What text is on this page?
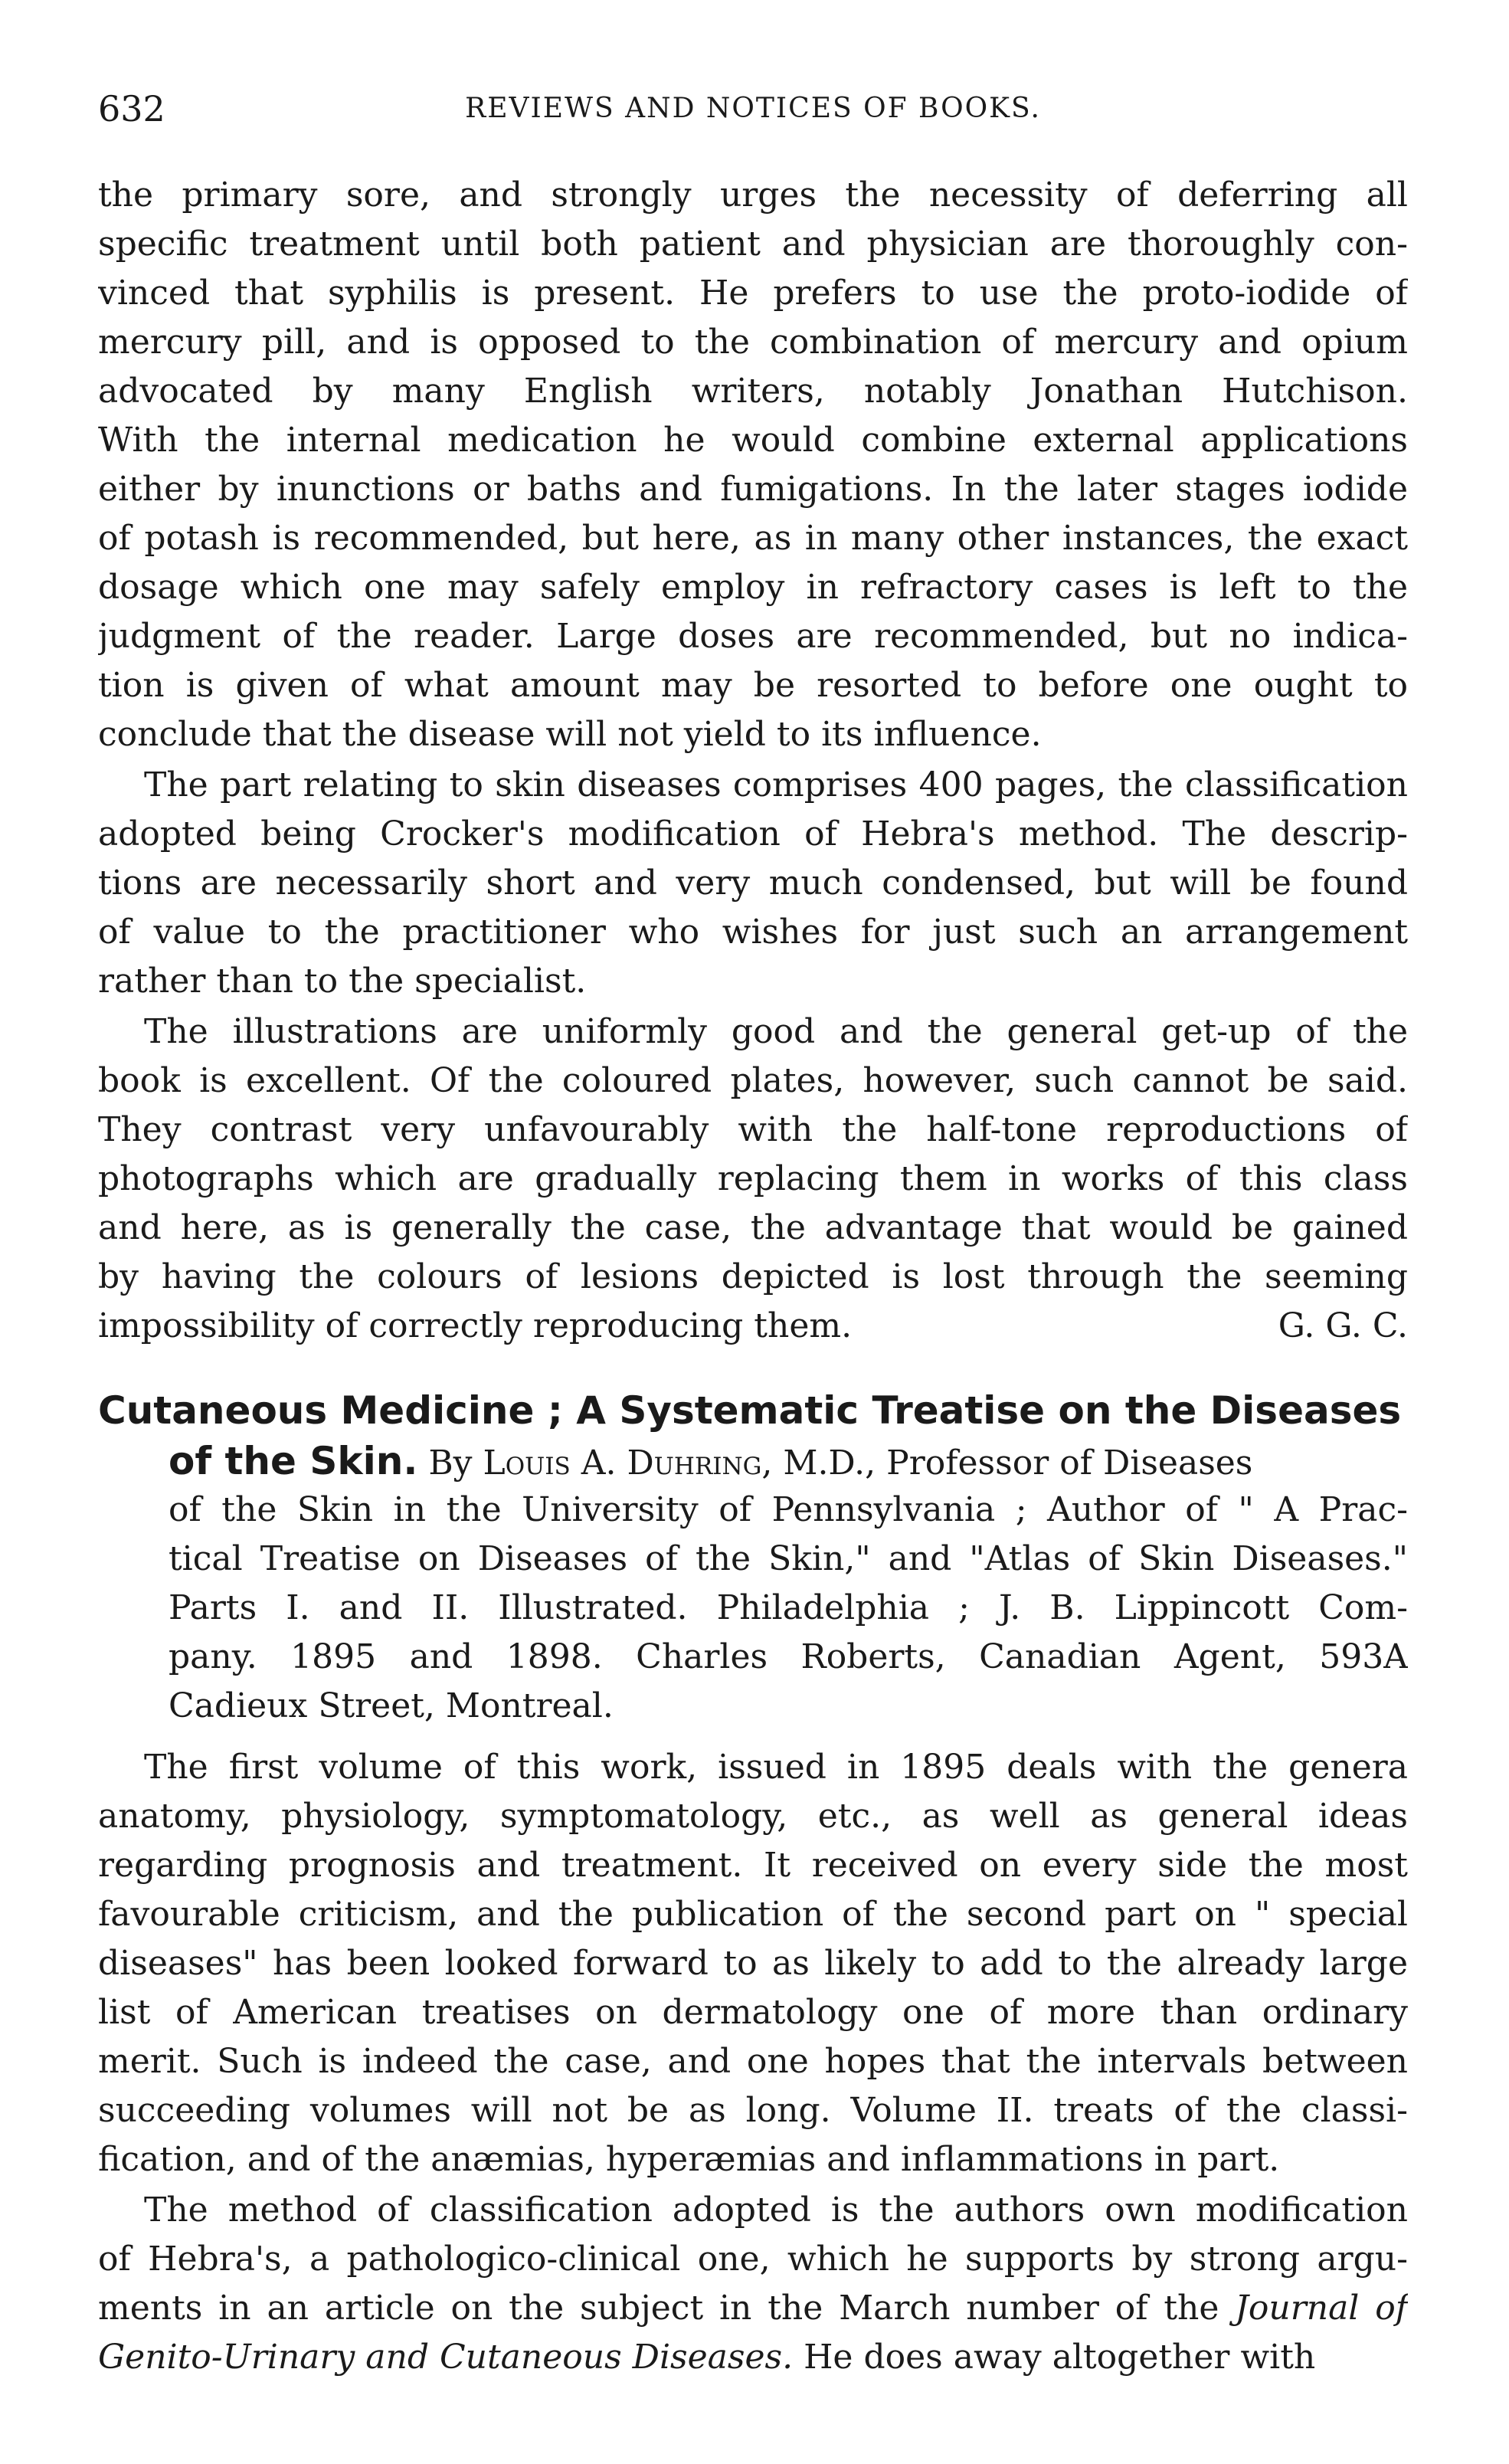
632	REVIEWS AND NOTICES OF BOOKS.
the primary sore, and strongly urges the necessity of deferring all
specific treatment until both patient and physician are thoroughly con-
vinced that syphilis is present. He prefers to use the proto-iodide of
mercury pill, and is opposed to the combination of mercury and opium
advocated by many English writers, notably Jonathan Hutchison.
With the internal medication he would combine external applications
either by inunctions or baths and fumigations. In the later stages iodide
of potash is recommended, but here, as in many other instances, the exact
dosage which one may safely employ in refractory cases is left to the
judgment of the reader. Large doses are recommended, but no indica-
tion is given of what amount may be resorted to before one ought to
conclude that the disease will not yield to its influence.
The part relating to skin diseases comprises 400 pages, the classification
adopted being Crocker's modification of Hebra's method. The descrip-
tions are necessarily short and very much condensed, but will be found
of value to the practitioner who wishes for just such an arrangement
rather than to the specialist.
The illustrations are uniformly good and the general get-up of the
book is excellent. Of the coloured plates, however, such cannot be said.
They contrast very unfavourably with the half-tone reproductions of
photographs which are gradually replacing them in works of this class
and here, as is generally the case, the advantage that would be gained
by having the colours of lesions depicted is lost through the seeming
impossibility of correctly reproducing them.	G. G. C.
Cutaneous Medicine ; A Systematic Treatise on the Diseases
of the Skin. By Louis A. Duhring, M.D., Professor of Diseases
of the Skin in the University of Pennsylvania ; Author of " A Prac-
tical Treatise on Diseases of the Skin," and "Atlas of Skin Diseases."
Parts I. and II. Illustrated. Philadelphia ; J. B. Lippincott Com-
pany. 1895 and 1898. Charles Roberts, Canadian Agent, 593A
Cadieux Street, Montreal.
The first volume of this work, issued in 1895 deals with the genera
anatomy, physiology, symptomatology, etc., as well as general ideas
regarding prognosis and treatment. It received on every side the most
favourable criticism, and the publication of the second part on " special
diseases" has been looked forward to as likely to add to the already large
list of American treatises on dermatology one of more than ordinary
merit. Such is indeed the case, and one hopes that the intervals between
succeeding volumes will not be as long. Volume II. treats of the classi-
fication, and of the anæmias, hyperæmias and inflammations in part.
The method of classification adopted is the authors own modification
of Hebra's, a pathologico-clinical one, which he supports by strong argu-
ments in an article on the subject in the March number of the Journal of
Genito-Urinary and Cutaneous Diseases. He does away altogether with
